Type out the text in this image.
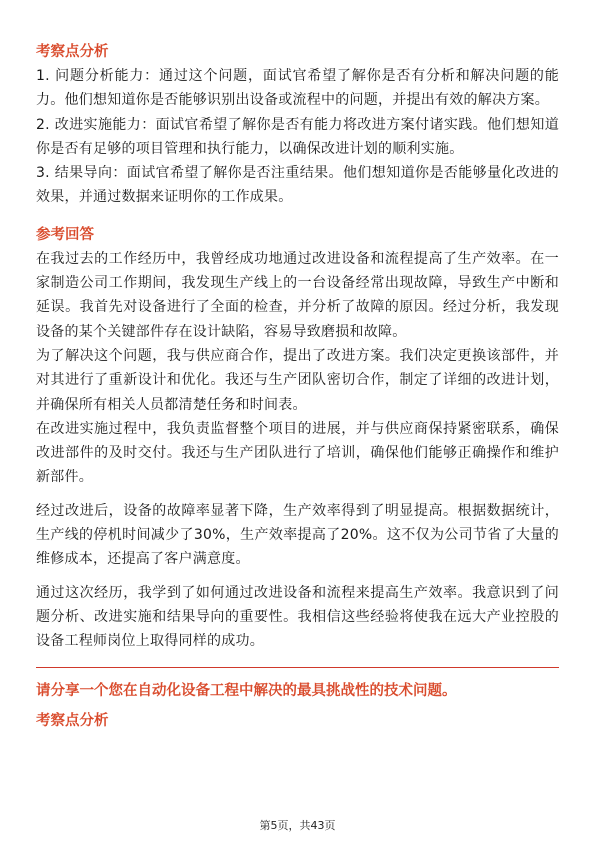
考察点分析

1. 问题分析能力：通过这个问题，面试官希望了解你是否有分析和解决问题的能力。他们想知道你是否能够识别出设备或流程中的问题，并提出有效的解决方案。

2. 改进实施能力：面试官希望了解你是否有能力将改进方案付诸实践。他们想知道你是否有足够的项目管理和执行能力，以确保改进计划的顺利实施。

3. 结果导向：面试官希望了解你是否注重结果。他们想知道你是否能够量化改进的效果，并通过数据来证明你的工作成果。

参考回答

在我过去的工作经历中，我曾经成功地通过改进设备和流程提高了生产效率。在一家制造公司工作期间，我发现生产线上的一台设备经常出现故障，导致生产中断和延误。我首先对设备进行了全面的检查，并分析了故障的原因。经过分析，我发现设备的某个关键部件存在设计缺陷，容易导致磨损和故障。

为了解决这个问题，我与供应商合作，提出了改进方案。我们决定更换该部件，并对其进行了重新设计和优化。我还与生产团队密切合作，制定了详细的改进计划，并确保所有相关人员都清楚任务和时间表。

在改进实施过程中，我负责监督整个项目的进展，并与供应商保持紧密联系，确保改进部件的及时交付。我还与生产团队进行了培训，确保他们能够正确操作和维护新部件。

经过改进后，设备的故障率显著下降，生产效率得到了明显提高。根据数据统计，生产线的停机时间减少了30%，生产效率提高了20%。这不仅为公司节省了大量的维修成本，还提高了客户满意度。

通过这次经历，我学到了如何通过改进设备和流程来提高生产效率。我意识到了问题分析、改进实施和结果导向的重要性。我相信这些经验将使我在远大产业控股的设备工程师岗位上取得同样的成功。

请分享一个您在自动化设备工程中解决的最具挑战性的技术问题。

考察点分析

第5页，共43页
